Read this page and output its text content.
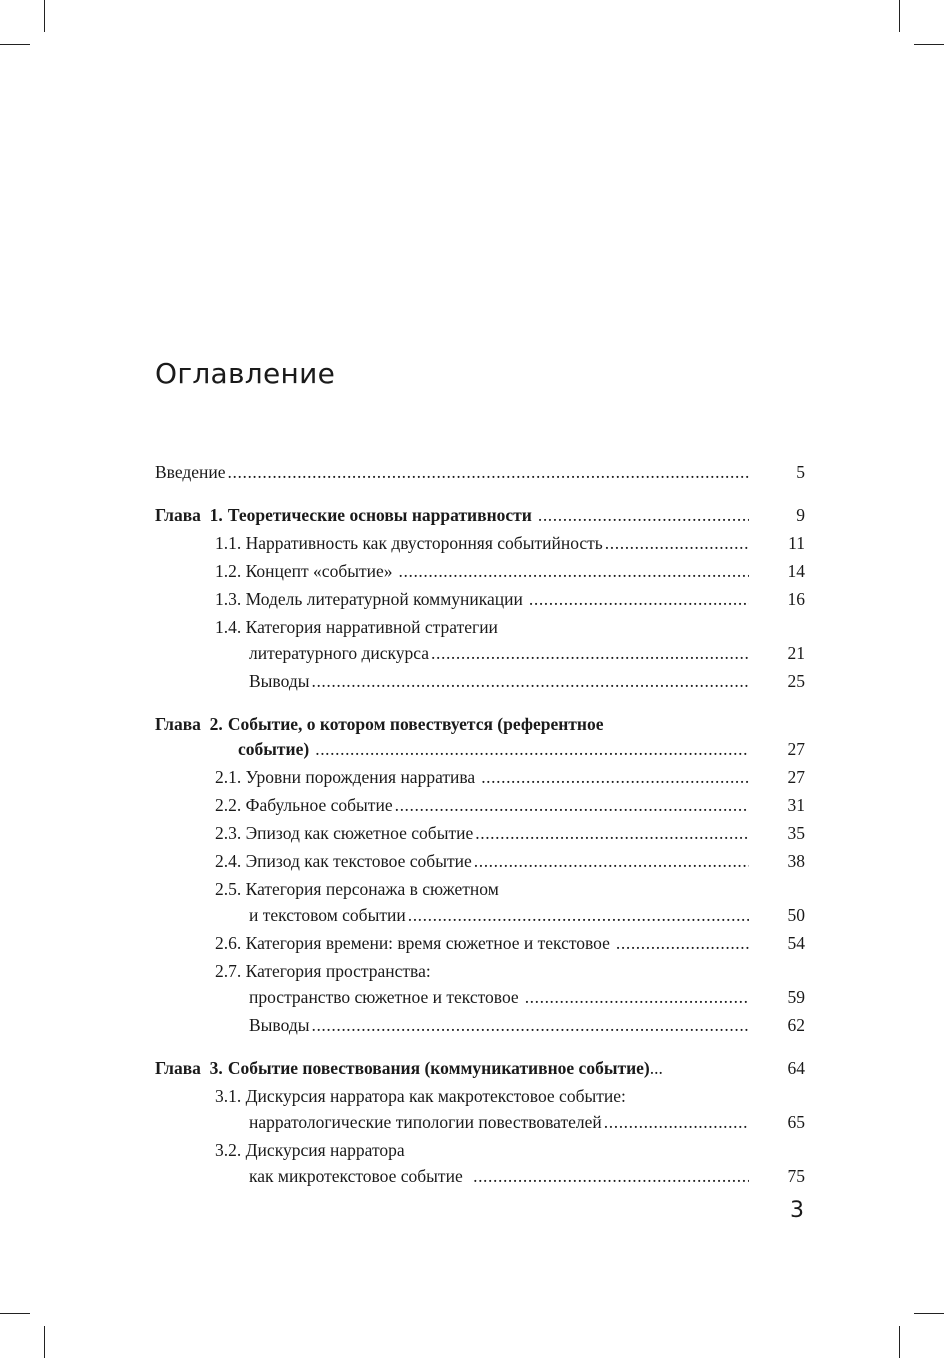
Оглавление
Введение .....	5
Глава  1. Теоретические основы нарративности .....	9
1.1. Нарративность как двусторонняя событийность .....	11
1.2. Концепт «событие» .....	14
1.3. Модель литературной коммуникации .....	16
1.4. Категория нарративной стратегии
литературного дискурса .....	21
Выводы .....	25
Глава  2. Событие, о котором повествуется (референтное
событие) .....	27
2.1. Уровни порождения нарратива .....	27
2.2. Фабульное событие .....	31
2.3. Эпизод как сюжетное событие .....	35
2.4. Эпизод как текстовое событие .....	38
2.5. Категория персонажа в сюжетном
и текстовом событии .....	50
2.6. Категория времени: время сюжетное и текстовое .....	54
2.7. Категория пространства:
пространство сюжетное и текстовое .....	59
Выводы .....	62
Глава  3. Событие повествования (коммуникативное событие) ...	64
3.1. Дискурсия нарратора как макротекстовое событие:
нарратологические типологии повествователей .....	65
3.2. Дискурсия нарратора
как микротекстовое событие .....	75
3
